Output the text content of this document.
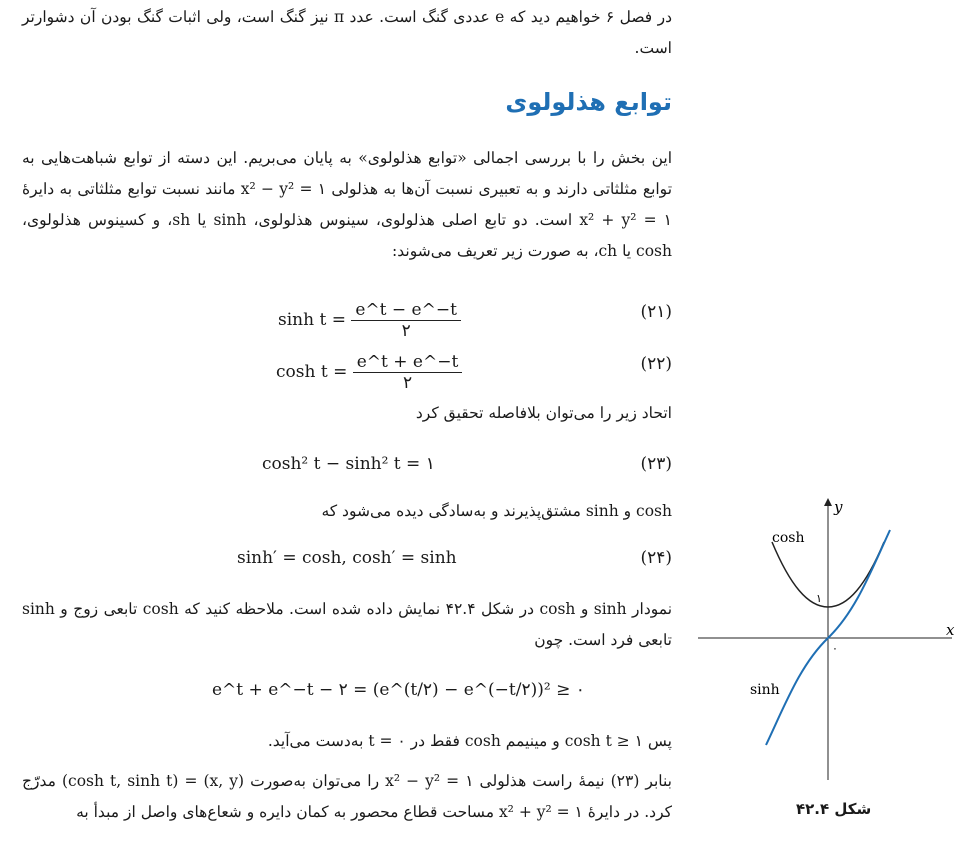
در فصل ۶ خواهیم دید که e عددی گنگ است. عدد π نیز گنگ است، ولی اثبات گنگ بودن آن دشوارتر است.

توابع هذلولوی

این بخش را با بررسی اجمالی «توابع هذلولوی» به پایان می‌بریم. این دسته از توابع شباهت‌هایی به توابع مثلثاتی دارند و به تعبیری نسبت آن‌ها به هذلولی x² − y² = ۱ مانند نسبت توابع مثلثاتی به دایرهٔ x² + y² = ۱ است. دو تابع اصلی هذلولوی، سینوس هذلولوی، sinh یا sh، و کسینوس هذلولوی، cosh یا ch، به صورت زیر تعریف می‌شوند:

$\sinh t = \frac{e\^{}t - e\^{}-t}{۲}$	(۲۱)
$\cosh t = \frac{e\^{}t + e\^{}-t}{۲}$	(۲۲)

اتحاد زیر را می‌توان بلافاصله تحقیق کرد

cosh² t − sinh² t = ۱	(۲۳)

cosh و sinh مشتق‌پذیرند و به‌سادگی دیده می‌شود که

sinh′ = cosh, cosh′ = sinh	(۲۴)

نمودار sinh و cosh در شکل ۴۲.۴ نمایش داده شده است. ملاحظه کنید که cosh تابعی زوج و sinh تابعی فرد است. چون

e^t + e^−t − ۲ = (e^(t/۲) − e^(−t/۲))² ≥ ۰

پس cosh t ≥ ۱ و مینیمم cosh فقط در t = ۰ به‌دست می‌آید.

بنابر (۲۳) نیمهٔ راست هذلولی x² − y² = ۱ را می‌توان به‌صورت (x, y) = (cosh t, sinh t) مدرّج کرد. در دایرهٔ x² + y² = ۱ مساحت قطاع محصور به کمان دایره و شعاع‌های واصل از مبدأ به

cosh
sinh
x
y
۱
۰
شکل ۴۲.۴
